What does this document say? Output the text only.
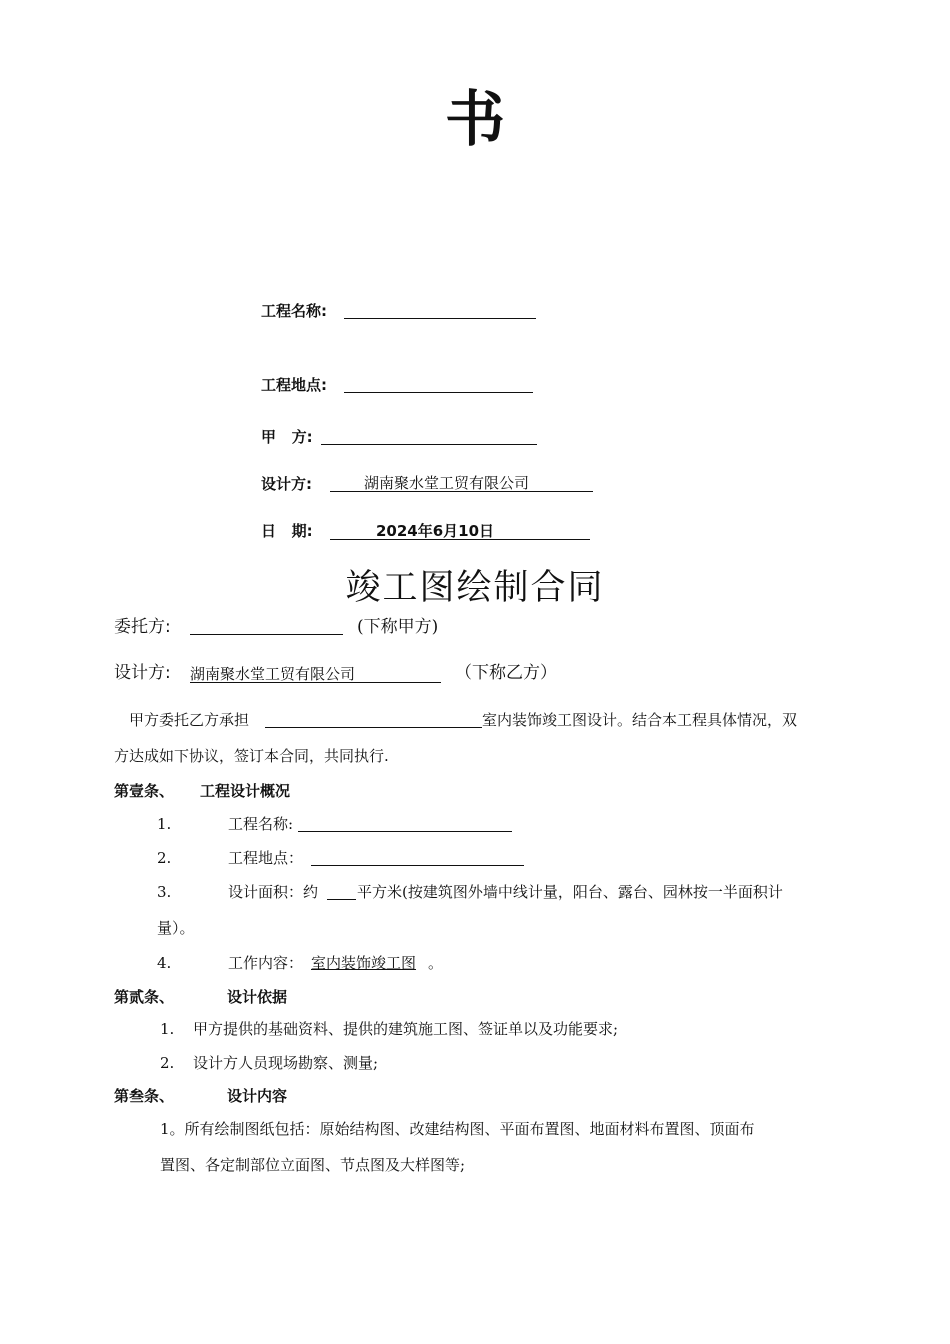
书
工程名称:
工程地点:
甲   方:
设计方:	湖南聚水堂工贸有限公司
日   期:	2024年6月10日
竣工图绘制合同
委托方:	(下称甲方)
设计方: 湖南聚水堂工贸有限公司	（下称乙方）
甲方委托乙方承担	室内装饰竣工图设计。结合本工程具体情况，双
方达成如下协议，签订本合同，共同执行.
第壹条、 工程设计概况
1.	工程名称:
2.	工程地点：
3.	设计面积：约	平方米(按建筑图外墙中线计量，阳台、露台、园林按一半面积计
量）。
4.	工作内容： 室内装饰竣工图 。
第贰条、	设计依据
1. 甲方提供的基础资料、提供的建筑施工图、签证单以及功能要求;
2. 设计方人员现场勘察、测量;
第叁条、	设计内容
1。所有绘制图纸包括：原始结构图、改建结构图、平面布置图、地面材料布置图、顶面布
置图、各定制部位立面图、节点图及大样图等;
